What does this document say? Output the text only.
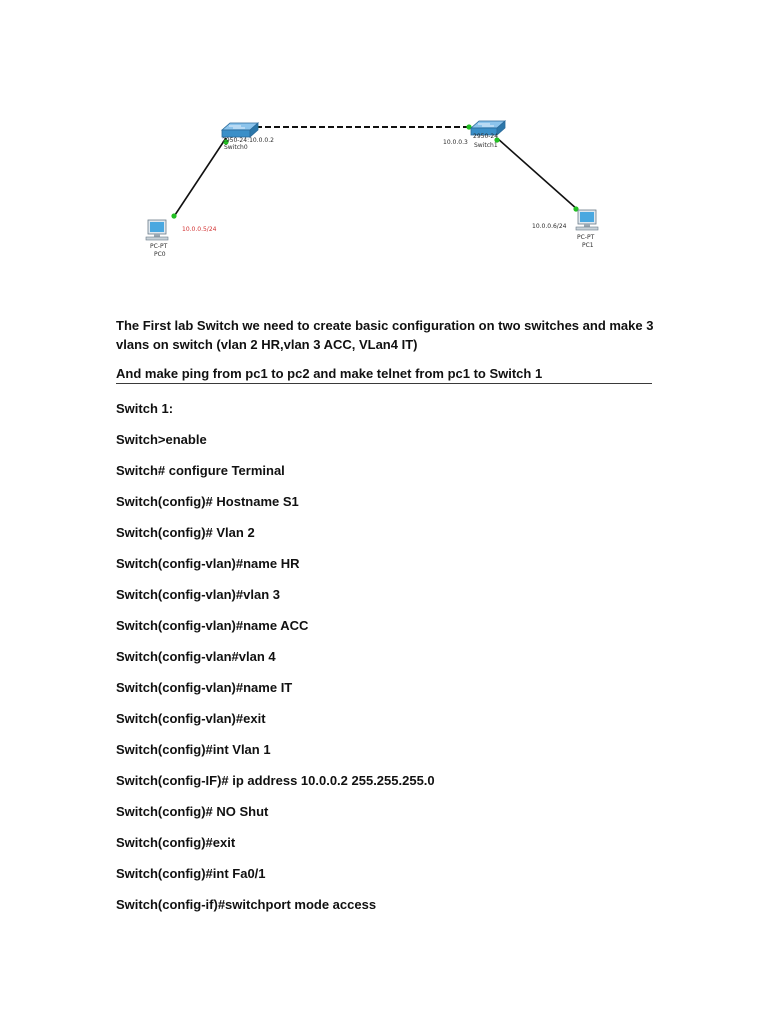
2950-24:10.0.0.2
Switch0
2950-24
10.0.0.3 Switch1
10.0.0.5/24
PC-PT
PC0
10.0.0.6/24
PC-PT
PC1

The First lab Switch we need to create basic configuration on two switches and make 3 vlans on switch (vlan 2 HR,vlan 3 ACC, VLan4 IT)

And make ping from pc1 to pc2 and make telnet from pc1 to Switch 1

Switch 1:
Switch>enable
Switch# configure Terminal
Switch(config)# Hostname S1
Switch(config)# Vlan 2
Switch(config-vlan)#name HR
Switch(config-vlan)#vlan 3
Switch(config-vlan)#name ACC
Switch(config-vlan#vlan 4
Switch(config-vlan)#name IT
Switch(config-vlan)#exit
Switch(config)#int Vlan 1
Switch(config-IF)# ip address 10.0.0.2 255.255.255.0
Switch(config)# NO Shut
Switch(config)#exit
Switch(config)#int Fa0/1
Switch(config-if)#switchport mode access
